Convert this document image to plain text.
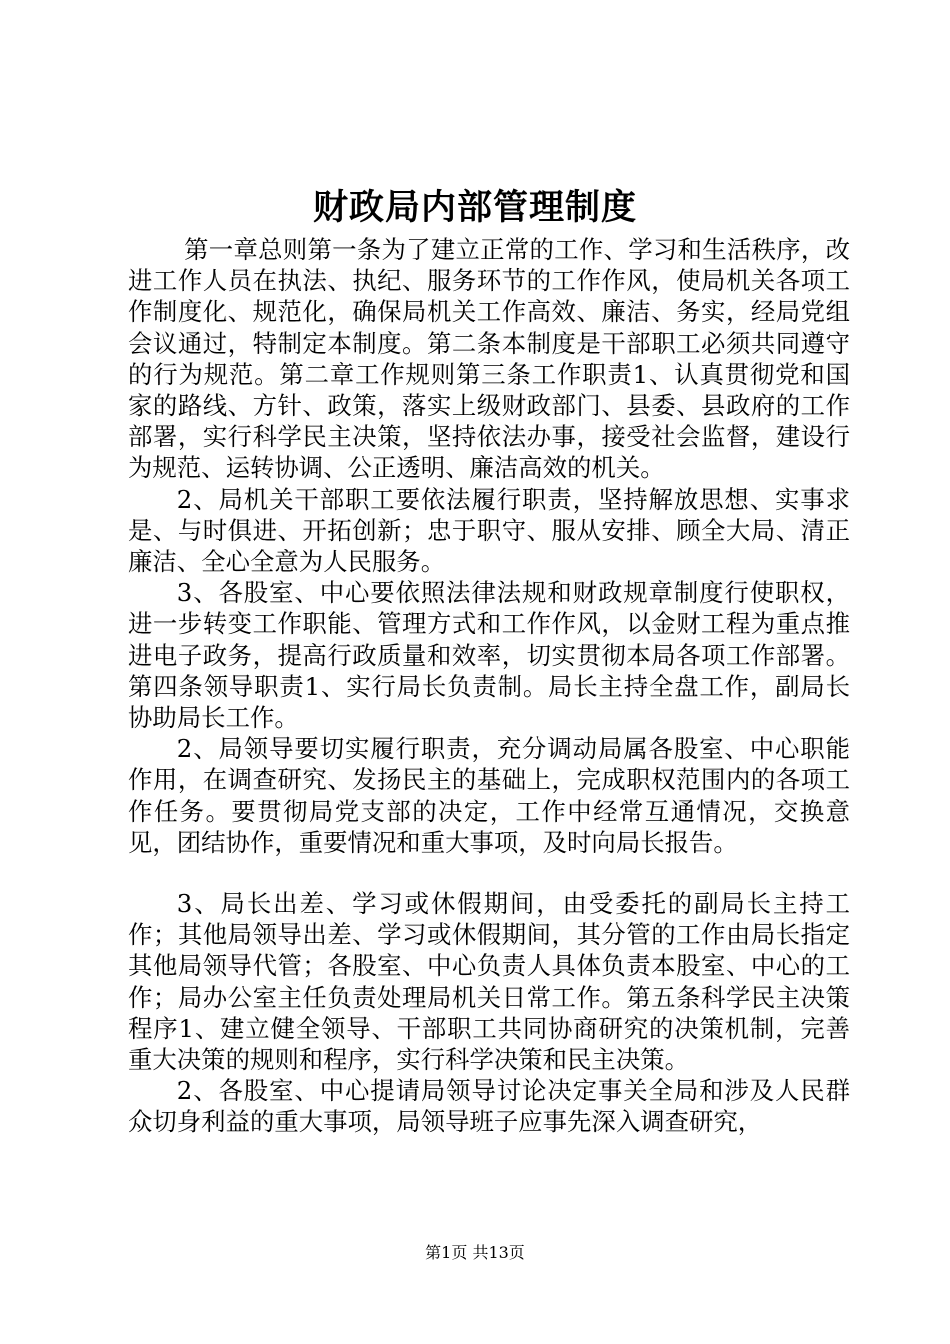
财政局内部管理制度

第一章总则第一条为了建立正常的工作、学习和生活秩序，改进工作人员在执法、执纪、服务环节的工作作风，使局机关各项工作制度化、规范化，确保局机关工作高效、廉洁、务实，经局党组会议通过，特制定本制度。第二条本制度是干部职工必须共同遵守的行为规范。第二章工作规则第三条工作职责1、认真贯彻党和国家的路线、方针、政策，落实上级财政部门、县委、县政府的工作部署，实行科学民主决策，坚持依法办事，接受社会监督，建设行为规范、运转协调、公正透明、廉洁高效的机关。

2、局机关干部职工要依法履行职责，坚持解放思想、实事求是、与时俱进、开拓创新；忠于职守、服从安排、顾全大局、清正廉洁、全心全意为人民服务。

3、各股室、中心要依照法律法规和财政规章制度行使职权，进一步转变工作职能、管理方式和工作作风，以金财工程为重点推进电子政务，提高行政质量和效率，切实贯彻本局各项工作部署。第四条领导职责1、实行局长负责制。局长主持全盘工作，副局长协助局长工作。

2、局领导要切实履行职责，充分调动局属各股室、中心职能作用，在调查研究、发扬民主的基础上，完成职权范围内的各项工作任务。要贯彻局党支部的决定，工作中经常互通情况，交换意见，团结协作，重要情况和重大事项，及时向局长报告。

3、局长出差、学习或休假期间，由受委托的副局长主持工作；其他局领导出差、学习或休假期间，其分管的工作由局长指定其他局领导代管；各股室、中心负责人具体负责本股室、中心的工作；局办公室主任负责处理局机关日常工作。第五条科学民主决策程序1、建立健全领导、干部职工共同协商研究的决策机制，完善重大决策的规则和程序，实行科学决策和民主决策。

2、各股室、中心提请局领导讨论决定事关全局和涉及人民群众切身利益的重大事项，局领导班子应事先深入调查研究，

第1页 共13页
